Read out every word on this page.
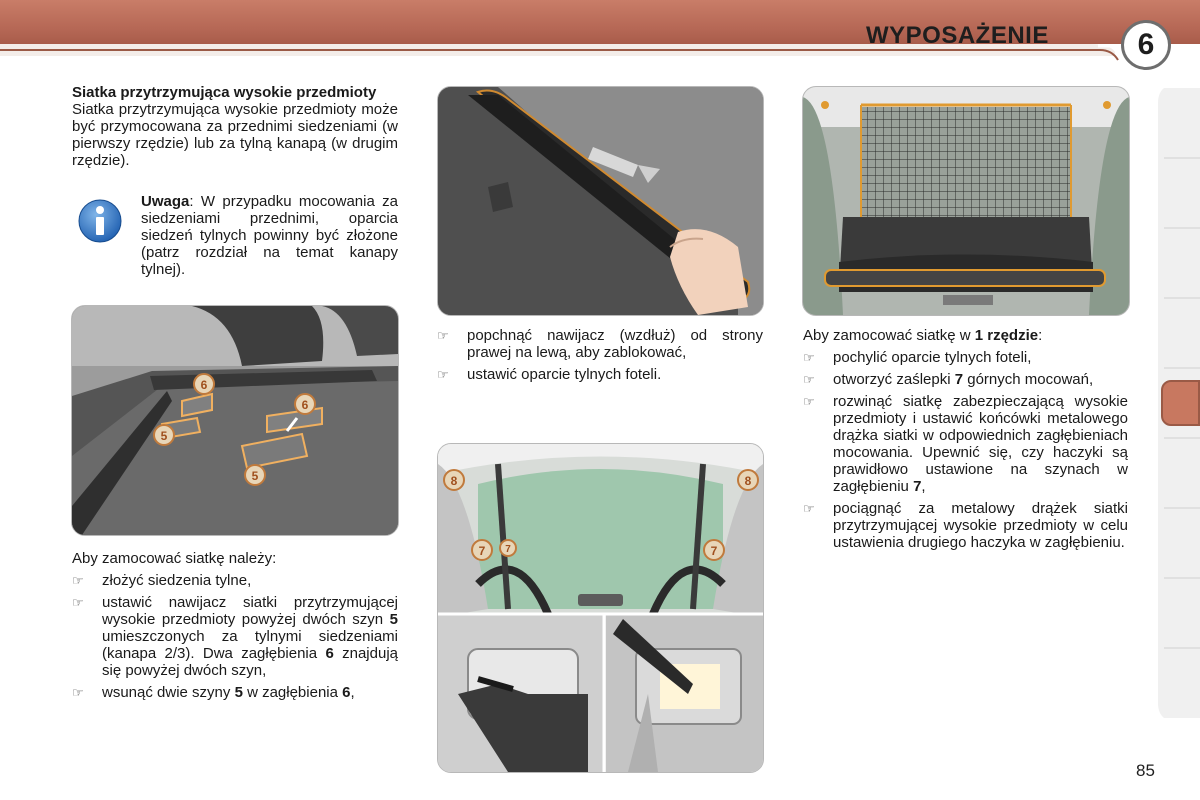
WYPOSAŻENIE	6
Siatka przytrzymująca wysokie przedmioty

Siatka przytrzymująca wysokie przedmioty może być przymocowana za przednimi siedzeniami (w pierwszy rzędzie) lub za tylną kanapą (w drugim rzędzie).

Uwaga: W przypadku mocowania za siedzeniami przednimi, oparcia siedzeń tylnych powinny być złożone (patrz rozdział na temat kanapy tylnej).
6
6
5
5

Aby zamocować siatkę należy:

☞ złożyć siedzenia tylne,
☞ ustawić nawijacz siatki przytrzymującej wysokie przedmioty powyżej dwóch szyn 5 umieszczonych za tylnymi siedzeniami (kanapa 2/3). Dwa zagłębienia 6 znajdują się powyżej dwóch szyn,
☞ wsunąć dwie szyny 5 w zagłębienia 6,
☞ popchnąć nawijacz (wzdłuż) od strony prawej na lewą, aby zablokować,
☞ ustawić oparcie tylnych foteli.
8	8
7 7	7

Aby zamocować siatkę w 1 rzędzie:

☞ pochylić oparcie tylnych foteli,
☞ otworzyć zaślepki 7 górnych mocowań,
☞ rozwinąć siatkę zabezpieczającą wysokie przedmioty i ustawić końcówki metalowego drążka siatki w odpowiednich zagłębieniach mocowania. Upewnić się, czy haczyki są prawidłowo ustawione na szynach w zagłębieniu 7,
☞ pociągnąć za metalowy drążek siatki przytrzymującej wysokie przedmioty w celu ustawienia drugiego haczyka w zagłębieniu.
85
